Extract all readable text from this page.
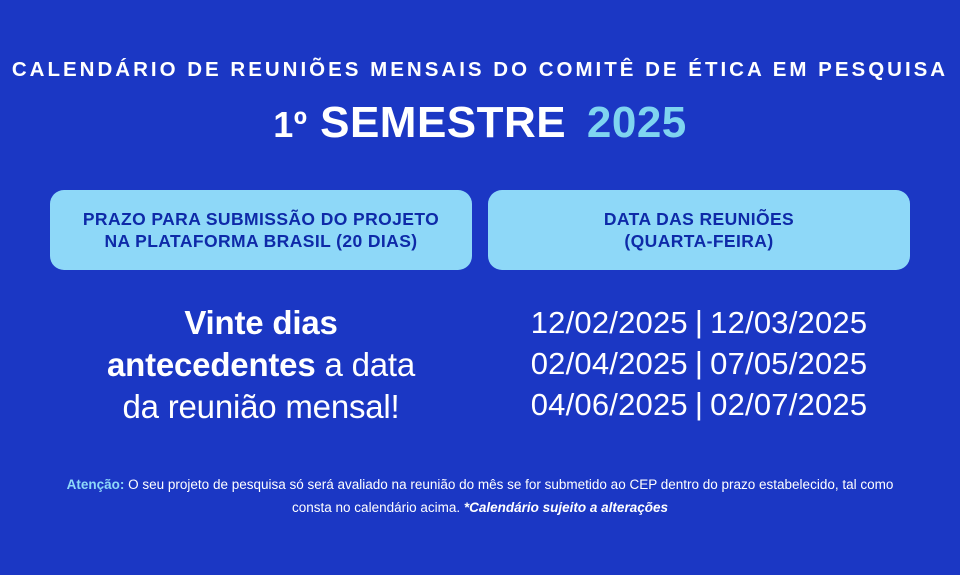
CALENDÁRIO DE REUNIÕES MENSAIS DO COMITÊ DE ÉTICA EM PESQUISA
1º SEMESTRE 2025
PRAZO PARA SUBMISSÃO DO PROJETO
NA PLATAFORMA BRASIL (20 DIAS)
DATA DAS REUNIÕES
(QUARTA-FEIRA)
Vinte dias
antecedentes a data
da reunião mensal!
12/02/2025 | 12/03/2025
02/04/2025 | 07/05/2025
04/06/2025 | 02/07/2025
Atenção: O seu projeto de pesquisa só será avaliado na reunião do mês se for submetido ao CEP dentro do prazo estabelecido, tal como consta no calendário acima. *Calendário sujeito a alterações
